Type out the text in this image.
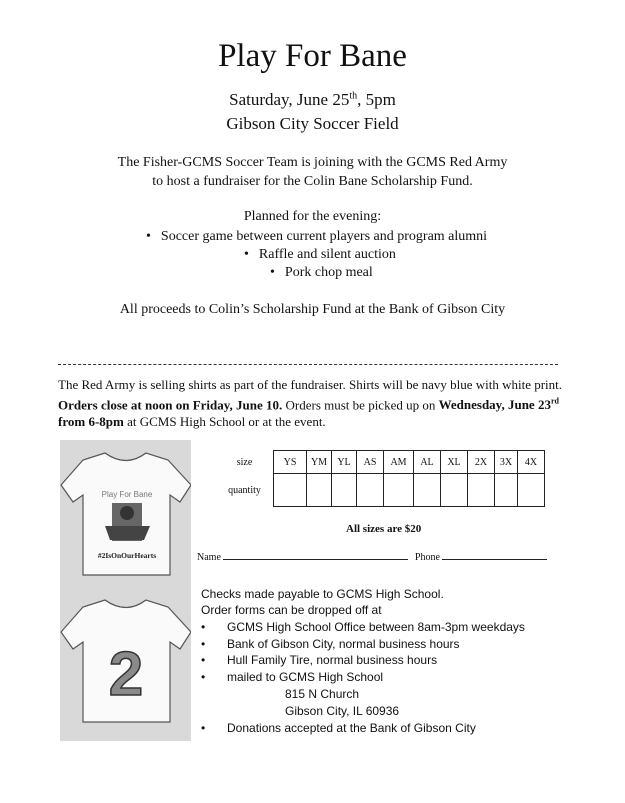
Play For Bane
Saturday, June 25th, 5pm
Gibson City Soccer Field
The Fisher-GCMS Soccer Team is joining with the GCMS Red Army
to host a fundraiser for the Colin Bane Scholarship Fund.
Planned for the evening:
• Soccer game between current players and program alumni
• Raffle and silent auction
• Pork chop meal
All proceeds to Colin’s Scholarship Fund at the Bank of Gibson City
The Red Army is selling shirts as part of the fundraiser. Shirts will be navy blue with white print. Orders close at noon on Friday, June 10. Orders must be picked up on Wednesday, June 23rd from 6-8pm at GCMS High School or at the event.
Play For Bane
#2IsOnOurHearts
2
size	YS	YM	YL	AS	AM	AL	XL	2X	3X	4X
quantity										
All sizes are $20
Name	Phone
Checks made payable to GCMS High School.
Order forms can be dropped off at
• GCMS High School Office between 8am-3pm weekdays
• Bank of Gibson City, normal business hours
• Hull Family Tire, normal business hours
• mailed to GCMS High School
815 N Church
Gibson City, IL 60936
• Donations accepted at the Bank of Gibson City
